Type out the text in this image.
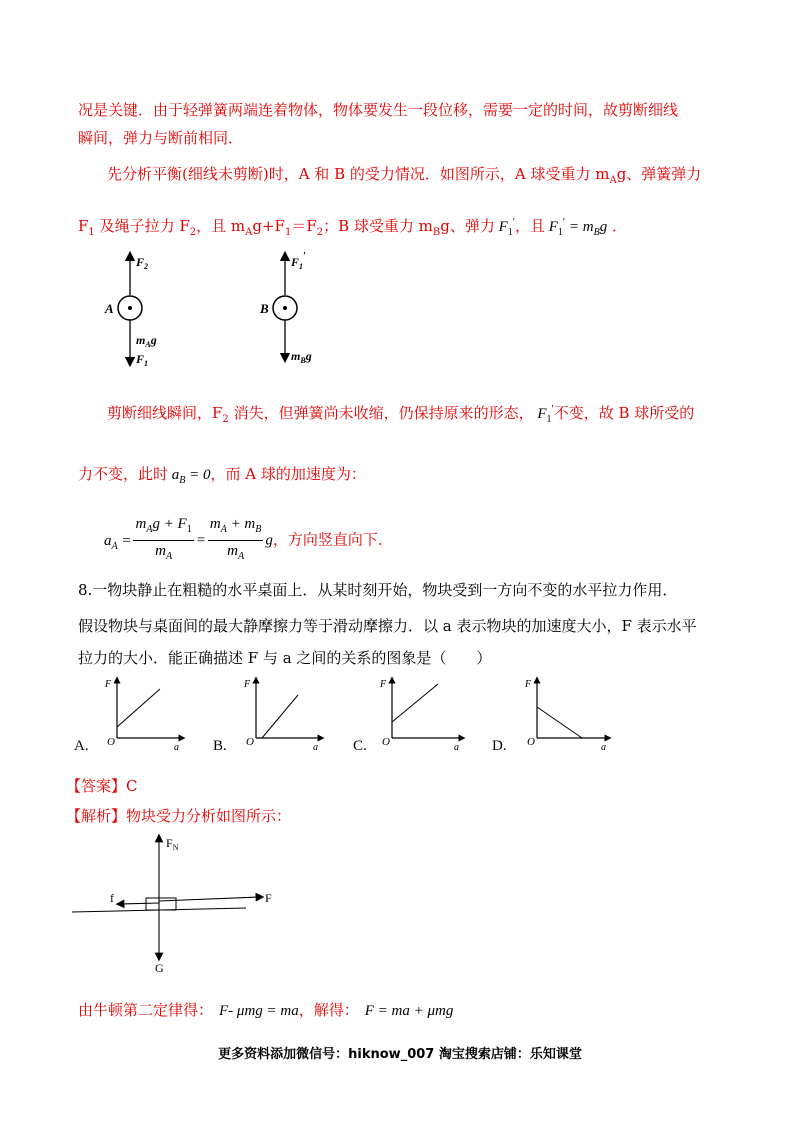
况是关键．由于轻弹簧两端连着物体，物体要发生一段位移，需要一定的时间，故剪断细线
瞬间，弹力与断前相同．
先分析平衡(细线未剪断)时，A 和 B 的受力情况．如图所示，A 球受重力 $m_Ag$、弹簧弹力
$F_1$ 及绳子拉力 $F_2$，且 $m_Ag+F_1=F_2$；B 球受重力 $m_Bg$、弹力 $F_1'$，且 $F_1' = m_Bg$ ．
$F_2$
A
$m_Ag$
$F_1$
$F_1'$
B
$m_Bg$
剪断细线瞬间，$F_2$ 消失，但弹簧尚未收缩，仍保持原来的形态， $F_1'$不变，故 B 球所受的
力不变，此时 $a_B = 0$，而 A 球的加速度为：
$a_A = \frac{m_Ag + F_1}{m_A} = \frac{m_A + m_B}{m_A}$ g，方向竖直向下．
8.一物块静止在粗糙的水平桌面上．从某时刻开始，物块受到一方向不变的水平拉力作用．
假设物块与桌面间的最大静摩擦力等于滑动摩擦力．以 a 表示物块的加速度大小，F 表示水平
拉力的大小．能正确描述 F 与 a 之间的关系的图象是（　　）
A.
F
O	a B.
F
O	a C.
F
O	a D.
F
O	a
【答案】C
【解析】物块受力分析如图所示：
$F_N$
f	F
G
由牛顿第二定律得： F- μmg = ma，解得： F = ma + μmg
更多资料添加微信号：hiknow_007 淘宝搜索店铺：乐知课堂
